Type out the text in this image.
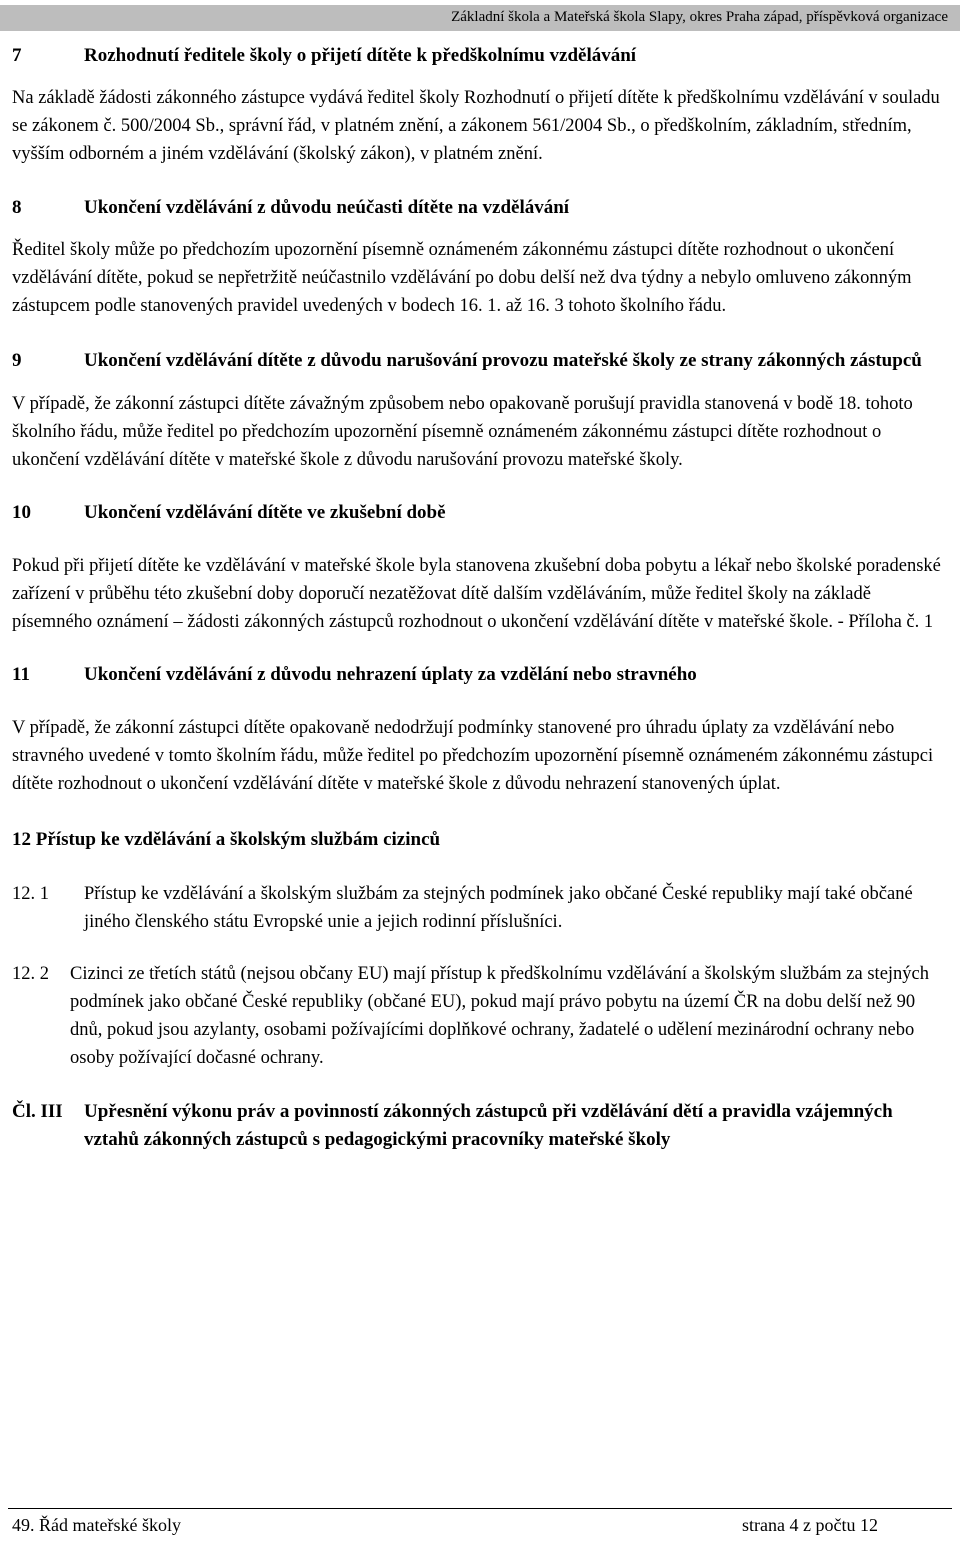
Základní škola a Mateřská škola Slapy, okres Praha západ, příspěvková organizace
7	Rozhodnutí ředitele školy o přijetí dítěte k předškolnímu vzdělávání

Na základě žádosti zákonného zástupce vydává ředitel školy Rozhodnutí o přijetí dítěte k předškolnímu vzdělávání v souladu se zákonem č. 500/2004 Sb., správní řád, v platném znění, a zákonem 561/2004 Sb., o předškolním, základním, středním, vyšším odborném a jiném vzdělávání (školský zákon), v platném znění.

8	Ukončení vzdělávání z důvodu neúčasti dítěte na vzdělávání

Ředitel školy může po předchozím upozornění písemně oznámeném zákonnému zástupci dítěte rozhodnout o ukončení vzdělávání dítěte, pokud se nepřetržitě neúčastnilo vzdělávání po dobu delší než dva týdny a nebylo omluveno zákonným zástupcem podle stanovených pravidel uvedených v bodech 16. 1. až 16. 3 tohoto školního řádu.

9	Ukončení vzdělávání dítěte z důvodu narušování provozu mateřské školy ze strany zákonných zástupců

V případě, že zákonní zástupci dítěte závažným způsobem nebo opakovaně porušují pravidla stanovená v bodě 18. tohoto školního řádu, může ředitel po předchozím upozornění písemně oznámeném zákonnému zástupci dítěte rozhodnout o ukončení vzdělávání dítěte v mateřské škole z důvodu narušování provozu mateřské školy.

10	Ukončení vzdělávání dítěte ve zkušební době

Pokud při přijetí dítěte ke vzdělávání v mateřské škole byla stanovena zkušební doba pobytu a lékař nebo školské poradenské zařízení v průběhu této zkušební doby doporučí nezatěžovat dítě dalším vzděláváním, může ředitel školy na základě písemného oznámení – žádosti zákonných zástupců rozhodnout o ukončení vzdělávání dítěte v mateřské škole. - Příloha č. 1

11	Ukončení vzdělávání z důvodu nehrazení úplaty za vzdělání nebo stravného

V případě, že zákonní zástupci dítěte opakovaně nedodržují podmínky stanovené pro úhradu úplaty za vzdělávání nebo stravného uvedené v tomto školním řádu, může ředitel po předchozím upozornění písemně oznámeném zákonnému zástupci dítěte rozhodnout o ukončení vzdělávání dítěte v mateřské škole z důvodu nehrazení stanovených úplat.

12 Přístup ke vzdělávání a školským službám cizinců
12. 1	Přístup ke vzdělávání a školským službám za stejných podmínek jako občané České republiky mají také občané jiného členského státu Evropské unie a jejich rodinní příslušníci.
12. 2	Cizinci ze třetích států (nejsou občany EU) mají přístup k předškolnímu vzdělávání a školským službám za stejných podmínek jako občané České republiky (občané EU), pokud mají právo pobytu na území ČR na dobu delší než 90 dnů, pokud jsou azylanty, osobami požívajícími doplňkové ochrany, žadatelé o udělení mezinárodní ochrany nebo osoby požívající dočasné ochrany.
Čl. III	Upřesnění výkonu práv a povinností zákonných zástupců při vzdělávání dětí a pravidla vzájemných vztahů zákonných zástupců s pedagogickými pracovníky mateřské školy
49. Řád mateřské školy	strana 4 z počtu 12
